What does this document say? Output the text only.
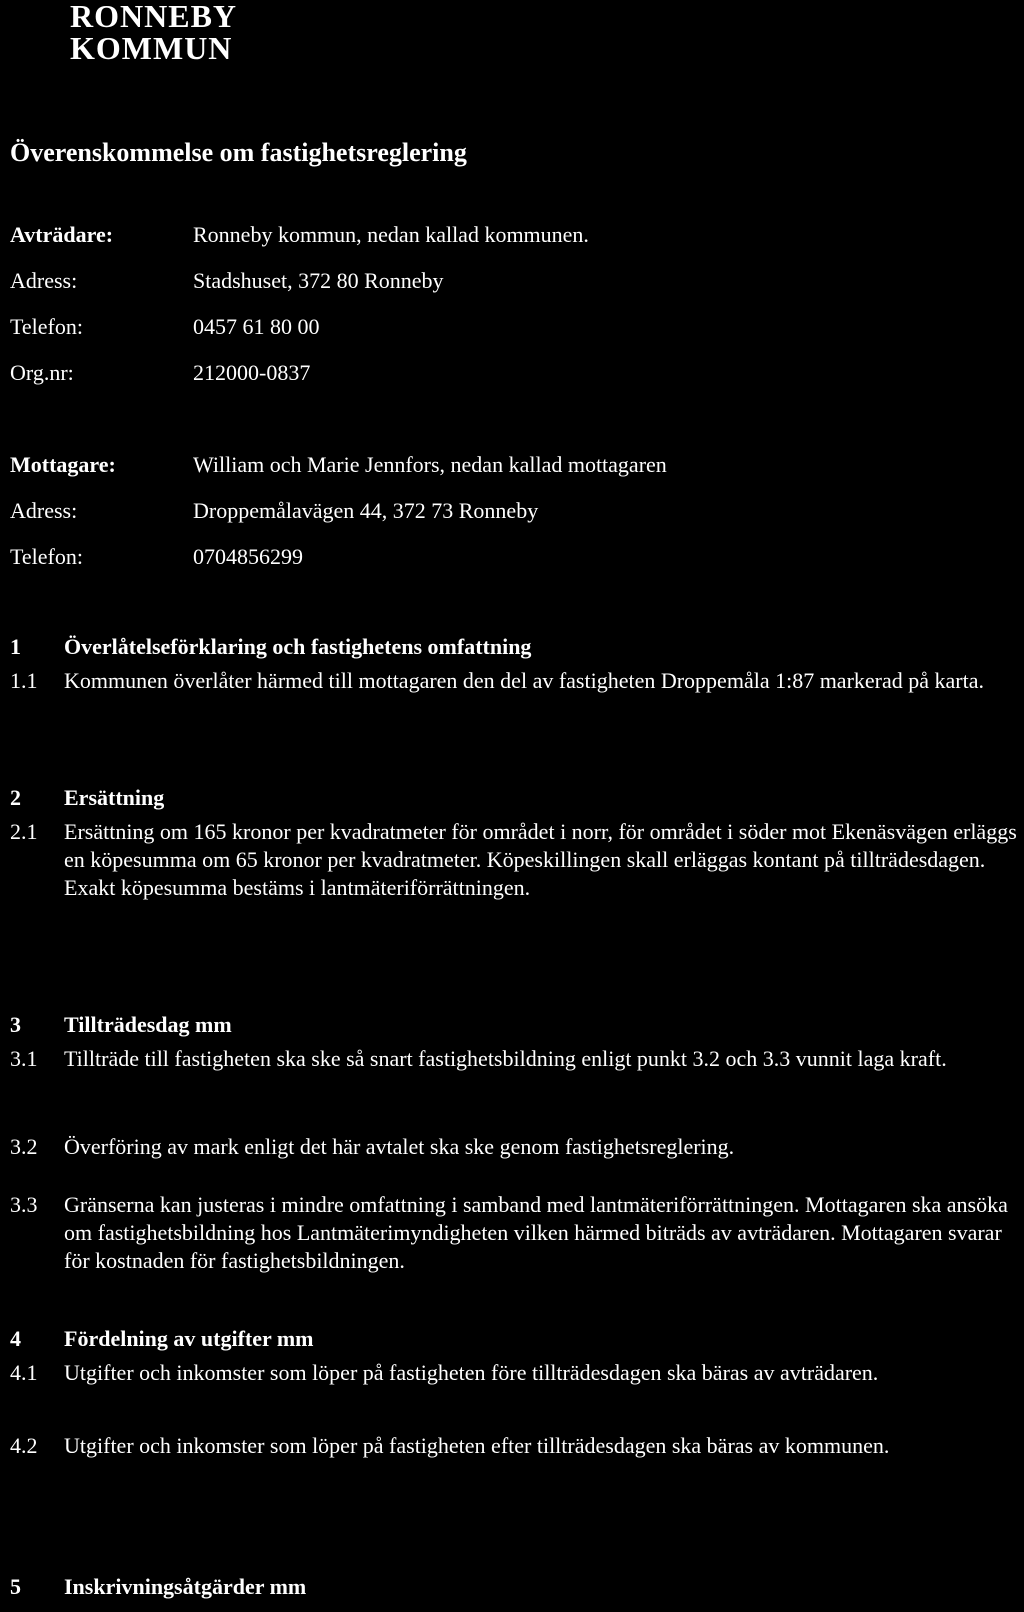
RONNEBY
KOMMUN
Överenskommelse om fastighetsreglering
Avträdare:	Ronneby kommun, nedan kallad kommunen.
Adress:	Stadshuset, 372 80 Ronneby
Telefon:	0457 61 80 00
Org.nr:	212000-0837
Mottagare:	William och Marie Jennfors, nedan kallad mottagaren
Adress:	Droppemålavägen 44, 372 73 Ronneby
Telefon:	0704856299
1 Överlåtelseförklaring och fastighetens omfattning
1.1 Kommunen överlåter härmed till mottagaren den del av fastigheten Droppemåla 1:87 markerad på karta.
2 Ersättning
2.1 Ersättning om 165 kronor per kvadratmeter för området i norr, för området i söder mot Ekenäsvägen erläggs en köpesumma om 65 kronor per kvadratmeter. Köpeskillingen skall erläggas kontant på tillträdesdagen. Exakt köpesumma bestäms i lantmäteriförrättningen.
3 Tillträdesdag mm
3.1 Tillträde till fastigheten ska ske så snart fastighetsbildning enligt punkt 3.2 och 3.3 vunnit laga kraft.
3.2 Överföring av mark enligt det här avtalet ska ske genom fastighetsreglering.
3.3 Gränserna kan justeras i mindre omfattning i samband med lantmäteriförrättningen. Mottagaren ska ansöka om fastighetsbildning hos Lantmäterimyndigheten vilken härmed biträds av avträdaren. Mottagaren svarar för kostnaden för fastighetsbildningen.
4 Fördelning av utgifter mm
4.1 Utgifter och inkomster som löper på fastigheten före tillträdesdagen ska bäras av avträdaren.
4.2 Utgifter och inkomster som löper på fastigheten efter tillträdesdagen ska bäras av kommunen.
5 Inskrivningsåtgärder mm
